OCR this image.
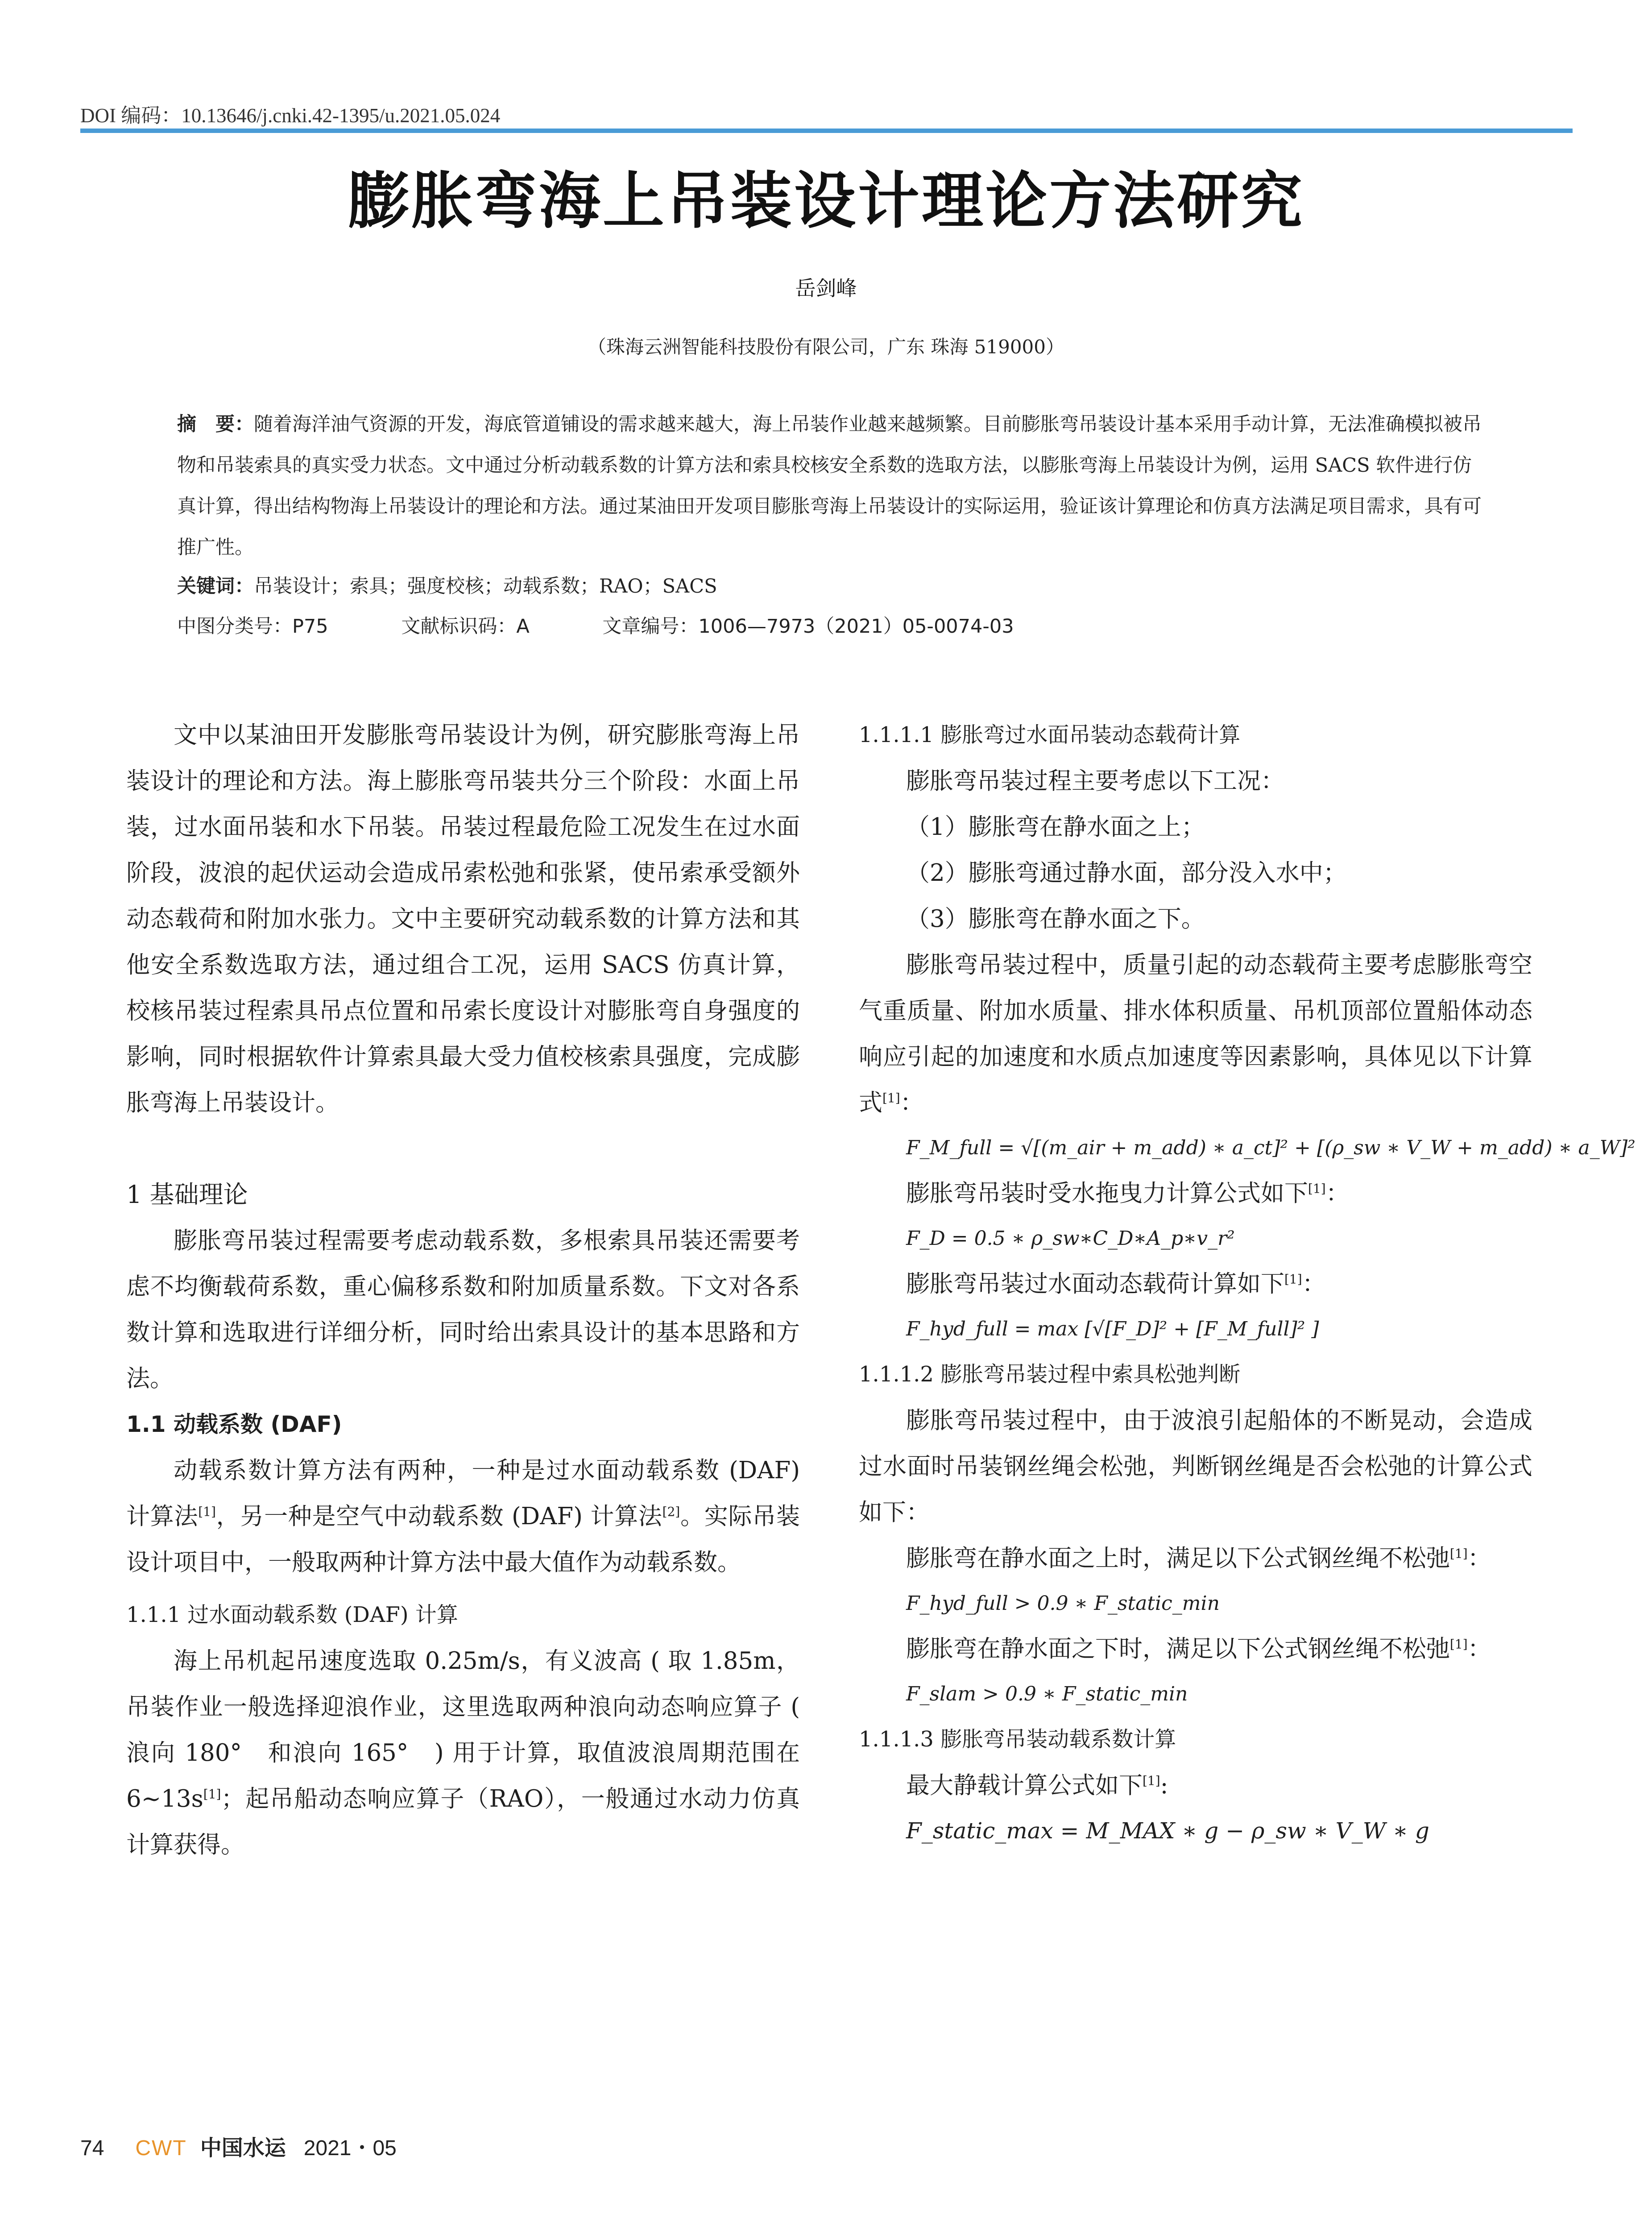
DOI 编码：10.13646/j.cnki.42-1395/u.2021.05.024
膨胀弯海上吊装设计理论方法研究
岳剑峰
（珠海云洲智能科技股份有限公司，广东 珠海 519000）
摘　要：随着海洋油气资源的开发，海底管道铺设的需求越来越大，海上吊装作业越来越频繁。目前膨胀弯吊装设计基本采用手动计算，无法准确模拟被吊物和吊装索具的真实受力状态。文中通过分析动载系数的计算方法和索具校核安全系数的选取方法，以膨胀弯海上吊装设计为例，运用 SACS 软件进行仿真计算，得出结构物海上吊装设计的理论和方法。通过某油田开发项目膨胀弯海上吊装设计的实际运用，验证该计算理论和仿真方法满足项目需求，具有可推广性。
关键词：吊装设计；索具；强度校核；动载系数；RAO；SACS
中图分类号：P75	文献标识码：A	文章编号：1006—7973（2021）05-0074-03

文中以某油田开发膨胀弯吊装设计为例，研究膨胀弯海上吊装设计的理论和方法。海上膨胀弯吊装共分三个阶段：水面上吊装，过水面吊装和水下吊装。吊装过程最危险工况发生在过水面阶段，波浪的起伏运动会造成吊索松弛和张紧，使吊索承受额外动态载荷和附加水张力。文中主要研究动载系数的计算方法和其他安全系数选取方法，通过组合工况，运用 SACS 仿真计算，校核吊装过程索具吊点位置和吊索长度设计对膨胀弯自身强度的影响，同时根据软件计算索具最大受力值校核索具强度，完成膨胀弯海上吊装设计。

1 基础理论

膨胀弯吊装过程需要考虑动载系数，多根索具吊装还需要考虑不均衡载荷系数，重心偏移系数和附加质量系数。下文对各系数计算和选取进行详细分析，同时给出索具设计的基本思路和方法。

1.1 动载系数 (DAF)

动载系数计算方法有两种，一种是过水面动载系数 (DAF) 计算法[1]，另一种是空气中动载系数 (DAF) 计算法[2]。实际吊装设计项目中，一般取两种计算方法中最大值作为动载系数。

1.1.1 过水面动载系数 (DAF) 计算

海上吊机起吊速度选取 0.25m/s，有义波高 ( 取 1.85m，吊装作业一般选择迎浪作业，这里选取两种浪向动态响应算子 ( 浪向 180°　和浪向 165°　) 用于计算，取值波浪周期范围在 6~13s[1]；起吊船动态响应算子（RAO），一般通过水动力仿真计算获得。

1.1.1.1 膨胀弯过水面吊装动态载荷计算

膨胀弯吊装过程主要考虑以下工况：

（1）膨胀弯在静水面之上；

（2）膨胀弯通过静水面，部分没入水中；

（3）膨胀弯在静水面之下。

膨胀弯吊装过程中，质量引起的动态载荷主要考虑膨胀弯空气重质量、附加水质量、排水体积质量、吊机顶部位置船体动态响应引起的加速度和水质点加速度等因素影响，具体见以下计算式[1]：

F_M_full = √[(m_air + m_add) ∗ a_ct]² + [(ρ_sw ∗ V_W + m_add) ∗ a_W]²

膨胀弯吊装时受水拖曳力计算公式如下[1]：

F_D = 0.5 ∗ ρ_sw∗C_D∗A_p∗v_r²

膨胀弯吊装过水面动态载荷计算如下[1]：

F_hyd_full = max [√[F_D]² + [F_M_full]² ]

1.1.1.2 膨胀弯吊装过程中索具松弛判断

膨胀弯吊装过程中，由于波浪引起船体的不断晃动，会造成过水面时吊装钢丝绳会松弛，判断钢丝绳是否会松弛的计算公式如下：

膨胀弯在静水面之上时，满足以下公式钢丝绳不松弛[1]：

F_hyd_full > 0.9 ∗ F_static_min

膨胀弯在静水面之下时，满足以下公式钢丝绳不松弛[1]：

F_slam > 0.9 ∗ F_static_min

1.1.1.3 膨胀弯吊装动载系数计算

最大静载计算公式如下[1]:

F_static_max = M_MAX ∗ g − ρ_sw ∗ V_W ∗ g
74 CWT 中国水运 2021・05
